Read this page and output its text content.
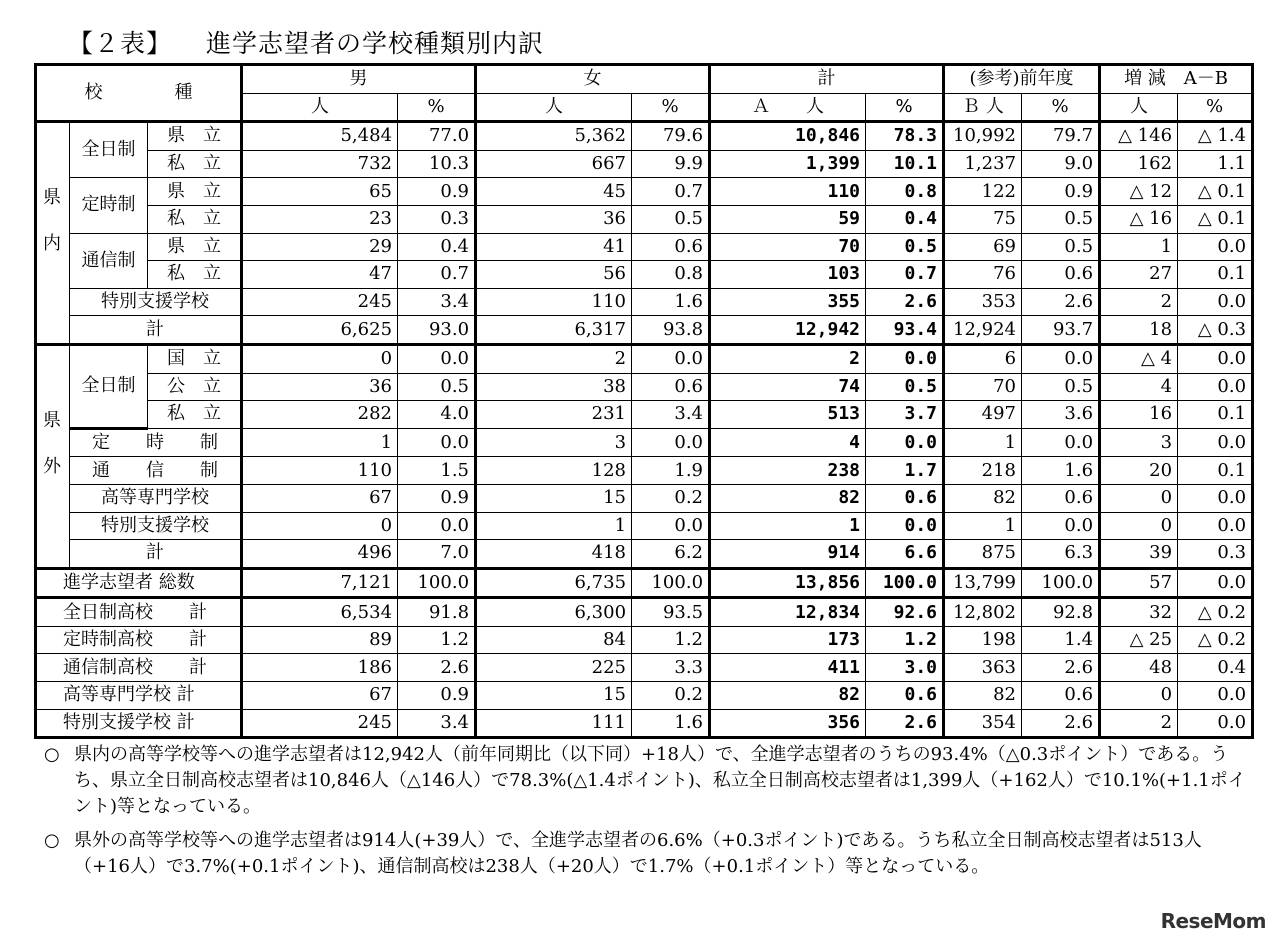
【２表】 進学志望者の学校種類別内訳
校　　　　種			男		女		計		(参考)前年度		増 減　A－B	
			人	%	人	%	Ａ　　人	%	Ｂ 人	%	人	%

県内	全日制	県　立	5,484	77.0	5,362	79.6	10,846	78.3	10,992	79.7	△ 146	△ 1.4
		私　立	732	10.3	667	9.9	1,399	10.1	1,237	9.0	162	1.1
	定時制	県　立	65	0.9	45	0.7	110	0.8	122	0.9	△ 12	△ 0.1
		私　立	23	0.3	36	0.5	59	0.4	75	0.5	△ 16	△ 0.1
	通信制	県　立	29	0.4	41	0.6	70	0.5	69	0.5	1	0.0
		私　立	47	0.7	56	0.8	103	0.7	76	0.6	27	0.1
	特別支援学校		245	3.4	110	1.6	355	2.6	353	2.6	2	0.0
	計		6,625	93.0	6,317	93.8	12,942	93.4	12,924	93.7	18	△ 0.3

県外	全日制	国　立	0	0.0	2	0.0	2	0.0	6	0.0	△ 4	0.0
		公　立	36	0.5	38	0.6	74	0.5	70	0.5	4	0.0
		私　立	282	4.0	231	3.4	513	3.7	497	3.6	16	0.1
	定　　時　　制		1	0.0	3	0.0	4	0.0	1	0.0	3	0.0
	通　　信　　制		110	1.5	128	1.9	238	1.7	218	1.6	20	0.1
	高等専門学校		67	0.9	15	0.2	82	0.6	82	0.6	0	0.0
	特別支援学校		0	0.0	1	0.0	1	0.0	1	0.0	0	0.0
	計		496	7.0	418	6.2	914	6.6	875	6.3	39	0.3
進学志望者 総数			7,121	100.0	6,735	100.0	13,856	100.0	13,799	100.0	57	0.0
全日制高校　　計			6,534	91.8	6,300	93.5	12,834	92.6	12,802	92.8	32	△ 0.2
定時制高校　　計			89	1.2	84	1.2	173	1.2	198	1.4	△ 25	△ 0.2
通信制高校　　計			186	2.6	225	3.3	411	3.0	363	2.6	48	0.4
高等専門学校 計			67	0.9	15	0.2	82	0.6	82	0.6	0	0.0
特別支援学校 計			245	3.4	111	1.6	356	2.6	354	2.6	2	0.0
○ 県内の高等学校等への進学志望者は12,942人（前年同期比（以下同）+18人）で、全進学志望者のうちの93.4%（△0.3ポイント）である。うち、県立全日制高校志望者は10,846人（△146人）で78.3%(△1.4ポイント)、私立全日制高校志望者は1,399人（+162人）で10.1%(+1.1ポイント)等となっている。
○ 県外の高等学校等への進学志望者は914人(+39人）で、全進学志望者の6.6%（+0.3ポイント)である。うち私立全日制高校志望者は513人（+16人）で3.7%(+0.1ポイント)、通信制高校は238人（+20人）で1.7%（+0.1ポイント）等となっている。
ReseMom
